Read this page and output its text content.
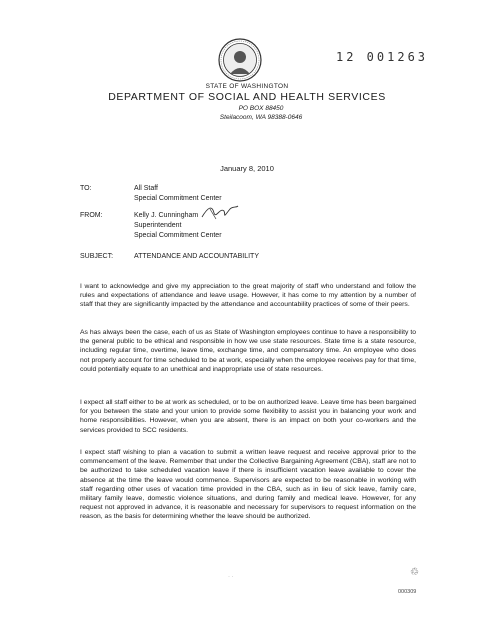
12 001263
STATE OF WASHINGTON
DEPARTMENT OF SOCIAL AND HEALTH SERVICES
PO BOX 88450
Steilacoom, WA 98388-0646
January 8, 2010
TO:	All Staff
Special Commitment Center
FROM:	Kelly J. Cunningham
Superintendent
Special Commitment Center
SUBJECT:	ATTENDANCE AND ACCOUNTABILITY

I want to acknowledge and give my appreciation to the great majority of staff who understand and follow the rules and expectations of attendance and leave usage. However, it has come to my attention by a number of staff that they are significantly impacted by the attendance and accountability practices of some of their peers.

As has always been the case, each of us as State of Washington employees continue to have a responsibility to the general public to be ethical and responsible in how we use state resources. State time is a state resource, including regular time, overtime, leave time, exchange time, and compensatory time. An employee who does not properly account for time scheduled to be at work, especially when the employee receives pay for that time, could potentially equate to an unethical and inappropriate use of state resources.

I expect all staff either to be at work as scheduled, or to be on authorized leave. Leave time has been bargained for you between the state and your union to provide some flexibility to assist you in balancing your work and home responsibilities. However, when you are absent, there is an impact on both your co-workers and the services provided to SCC residents.

I expect staff wishing to plan a vacation to submit a written leave request and receive approval prior to the commencement of the leave. Remember that under the Collective Bargaining Agreement (CBA), staff are not to be authorized to take scheduled vacation leave if there is insufficient vacation leave available to cover the absence at the time the leave would commence. Supervisors are expected to be reasonable in working with staff regarding other uses of vacation time provided in the CBA, such as in lieu of sick leave, family care, military family leave, domestic violence situations, and during family and medical leave. However, for any request not approved in advance, it is reasonable and necessary for supervisors to request information on the reason, as the basis for determining whether the leave should be authorized.

· ·	♲
000309
